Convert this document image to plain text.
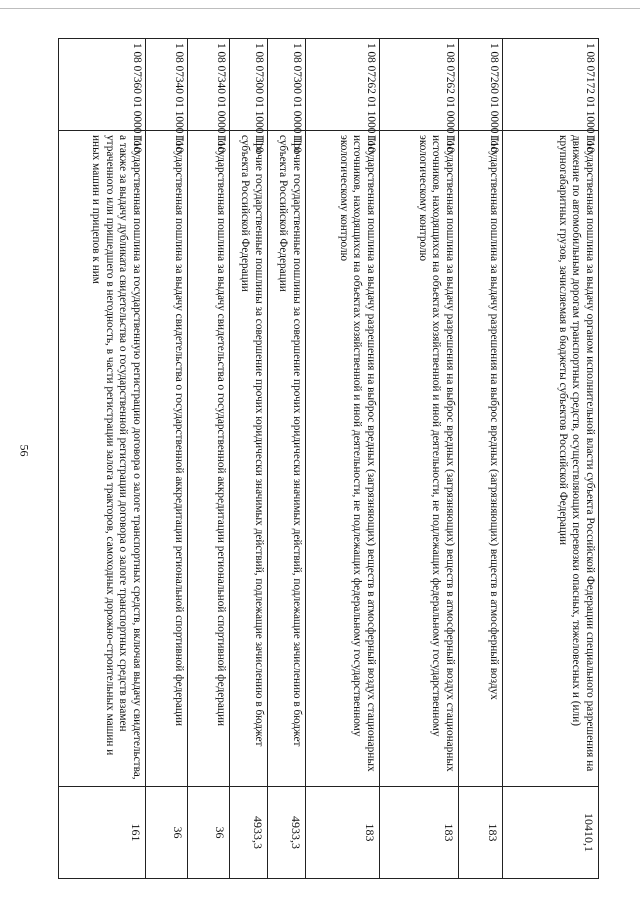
56
1 08 07172 01 1000 110	Государственная пошлина за выдачу органом исполнительной власти субъекта Российской Федерации специального разрешения на движение по автомобильным дорогам транспортных средств, осуществляющих перевозки опасных, тяжеловесных и (или) крупногабаритных грузов, зачисляемая в бюджеты субъектов Российской Федерации	10410,1
1 08 07260 01 0000 110	Государственная пошлина за выдачу разрешения на выброс вредных (загрязняющих) веществ в атмосферный воздух	183
1 08 07262 01 0000 110	Государственная пошлина за выдачу разрешения на выброс вредных (загрязняющих) веществ в атмосферный воздух стационарных источников, находящихся на объектах хозяйственной и иной деятельности, не подлежащих федеральному государственному экологическому контролю	183
1 08 07262 01 1000 110	Государственная пошлина за выдачу разрешения на выброс вредных (загрязняющих) веществ в атмосферный воздух стационарных источников, находящихся на объектах хозяйственной и иной деятельности, не подлежащих федеральному государственному экологическому контролю	183
1 08 07300 01 0000 110	Прочие государственные пошлины за совершение прочих юридически значимых действий, подлежащие зачислению в бюджет субъекта Российской Федерации	4933,3
1 08 07300 01 1000 110	Прочие государственные пошлины за совершение прочих юридически значимых действий, подлежащие зачислению в бюджет субъекта Российской Федерации	4933,3
1 08 07340 01 0000 110	Государственная пошлина за выдачу свидетельства о государственной аккредитации региональной спортивной федерации	36
1 08 07340 01 1000 110	Государственная пошлина за выдачу свидетельства о государственной аккредитации региональной спортивной федерации	36
1 08 07360 01 0000 110	Государственная пошлина за государственную регистрацию договора о залоге транспортных средств, включая выдачу свидетельства, а также за выдачу дубликата свидетельства о государственной регистрации договора о залоге транспортных средств взамен утраченного или пришедшего в негодность, в части регистрации залога тракторов, самоходных дорожно-строительных машин и иных машин и прицепов к ним	161
